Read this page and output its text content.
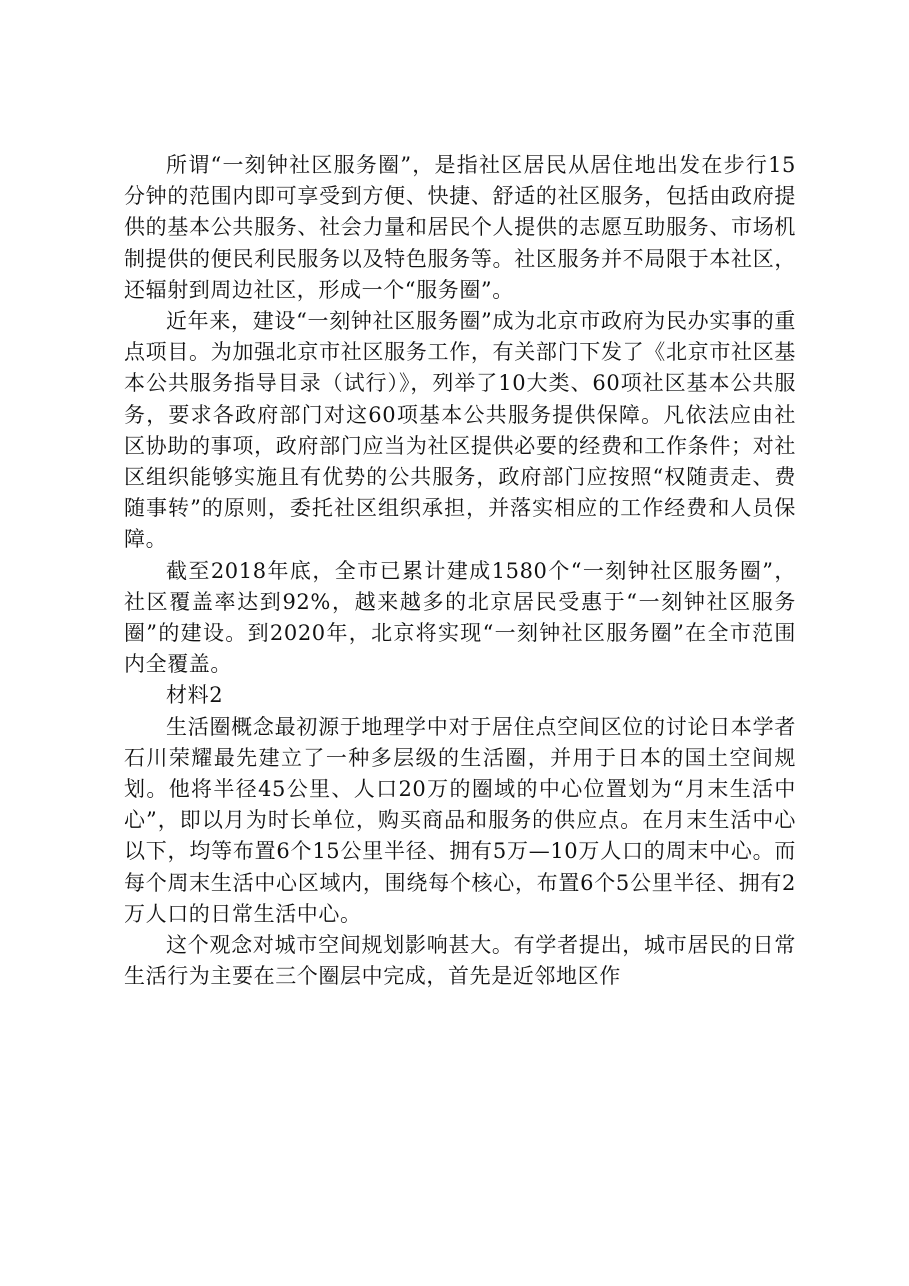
所谓“一刻钟社区服务圈”，是指社区居民从居住地出发在步行15分钟的范围内即可享受到方便、快捷、舒适的社区服务，包括由政府提供的基本公共服务、社会力量和居民个人提供的志愿互助服务、市场机制提供的便民利民服务以及特色服务等。社区服务并不局限于本社区，还辐射到周边社区，形成一个“服务圈”。

近年来，建设“一刻钟社区服务圈”成为北京市政府为民办实事的重点项目。为加强北京市社区服务工作，有关部门下发了《北京市社区基本公共服务指导目录（试行）》，列举了10大类、60项社区基本公共服务，要求各政府部门对这60项基本公共服务提供保障。凡依法应由社区协助的事项，政府部门应当为社区提供必要的经费和工作条件；对社区组织能够实施且有优势的公共服务，政府部门应按照“权随责走、费随事转”的原则，委托社区组织承担，并落实相应的工作经费和人员保障。

截至2018年底，全市已累计建成1580个“一刻钟社区服务圈”，社区覆盖率达到92%，越来越多的北京居民受惠于“一刻钟社区服务圈”的建设。到2020年，北京将实现“一刻钟社区服务圈”在全市范围内全覆盖。

材料2

生活圈概念最初源于地理学中对于居住点空间区位的讨论日本学者石川荣耀最先建立了一种多层级的生活圈，并用于日本的国土空间规划。他将半径45公里、人口20万的圈域的中心位置划为“月末生活中心”，即以月为时长单位，购买商品和服务的供应点。在月末生活中心以下，均等布置6个15公里半径、拥有5万—10万人口的周末中心。而每个周末生活中心区域内，围绕每个核心，布置6个5公里半径、拥有2万人口的日常生活中心。

这个观念对城市空间规划影响甚大。有学者提出，城市居民的日常生活行为主要在三个圈层中完成，首先是近邻地区作
